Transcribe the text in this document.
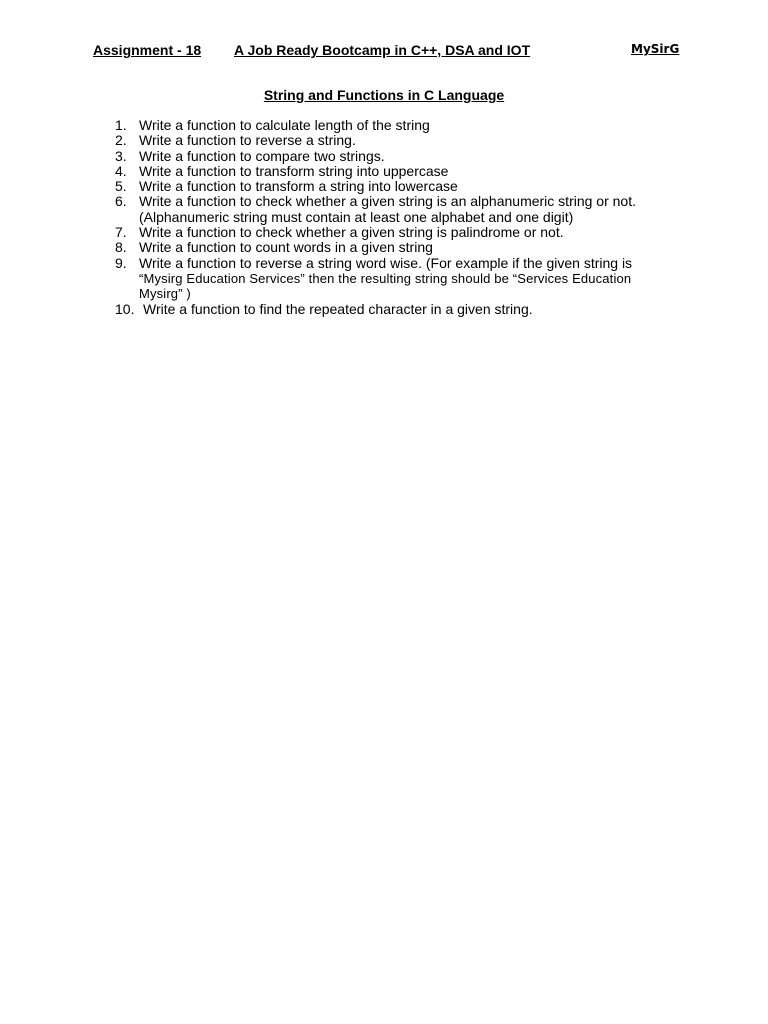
Assignment - 18 A Job Ready Bootcamp in C++, DSA and IOT	MySirG
String and Functions in C Language
1. Write a function to calculate length of the string
2. Write a function to reverse a string.
3. Write a function to compare two strings.
4. Write a function to transform string into uppercase
5. Write a function to transform a string into lowercase
6. Write a function to check whether a given string is an alphanumeric string or not.
(Alphanumeric string must contain at least one alphabet and one digit)
7. Write a function to check whether a given string is palindrome or not.
8. Write a function to count words in a given string
9. Write a function to reverse a string word wise. (For example if the given string is
“Mysirg Education Services” then the resulting string should be “Services Education
Mysirg” )
10. Write a function to find the repeated character in a given string.
